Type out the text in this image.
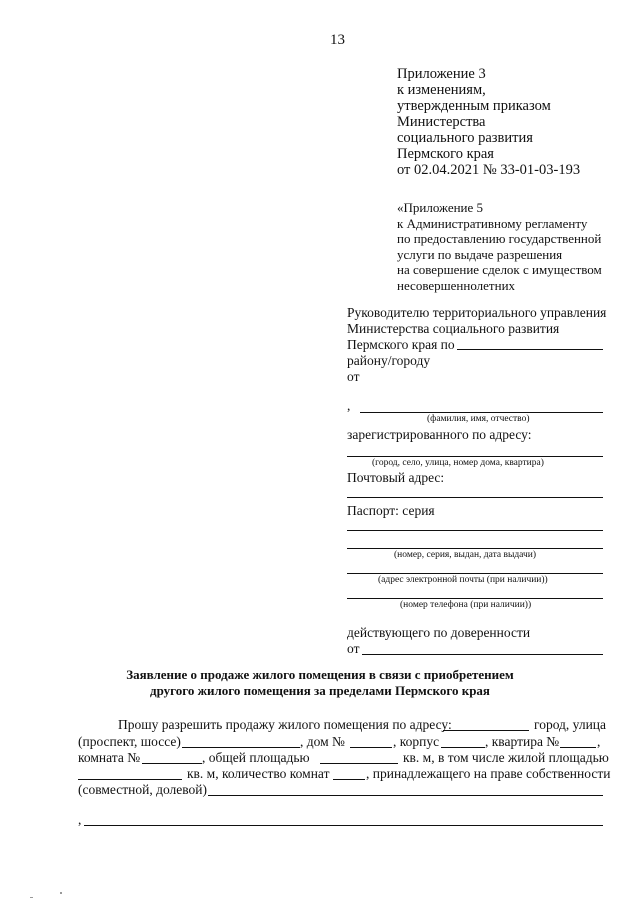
13
Приложение 3
к изменениям,
утвержденным приказом
Министерства
социального развития
Пермского края
от 02.04.2021 № 33-01-03-193
«Приложение 5
к Административному регламенту
по предоставлению государственной
услуги по выдаче разрешения
на совершение сделок с имуществом
несовершеннолетних
Руководителю территориального управления
Министерства социального развития
Пермского края по
району/городу
от
,
(фамилия, имя, отчество)
зарегистрированного по адресу:
(город, село, улица, номер дома, квартира)
Почтовый адрес:
Паспорт: серия
(номер, серия, выдан, дата выдачи)
(адрес электронной почты (при наличии))
(номер телефона (при наличии))
действующего по доверенности
от
Заявление о продаже жилого помещения в связи с приобретением
другого жилого помещения за пределами Пермского края
Прошу разрешить продажу жилого помещения по адресу:	город, улица
(проспект, шоссе)	, дом №	, корпус	, квартира №	,
комната №	, общей площадью	кв. м, в том числе жилой площадью
кв. м, количество комнат	, принадлежащего на праве собственности
(совместной, долевой)
,
